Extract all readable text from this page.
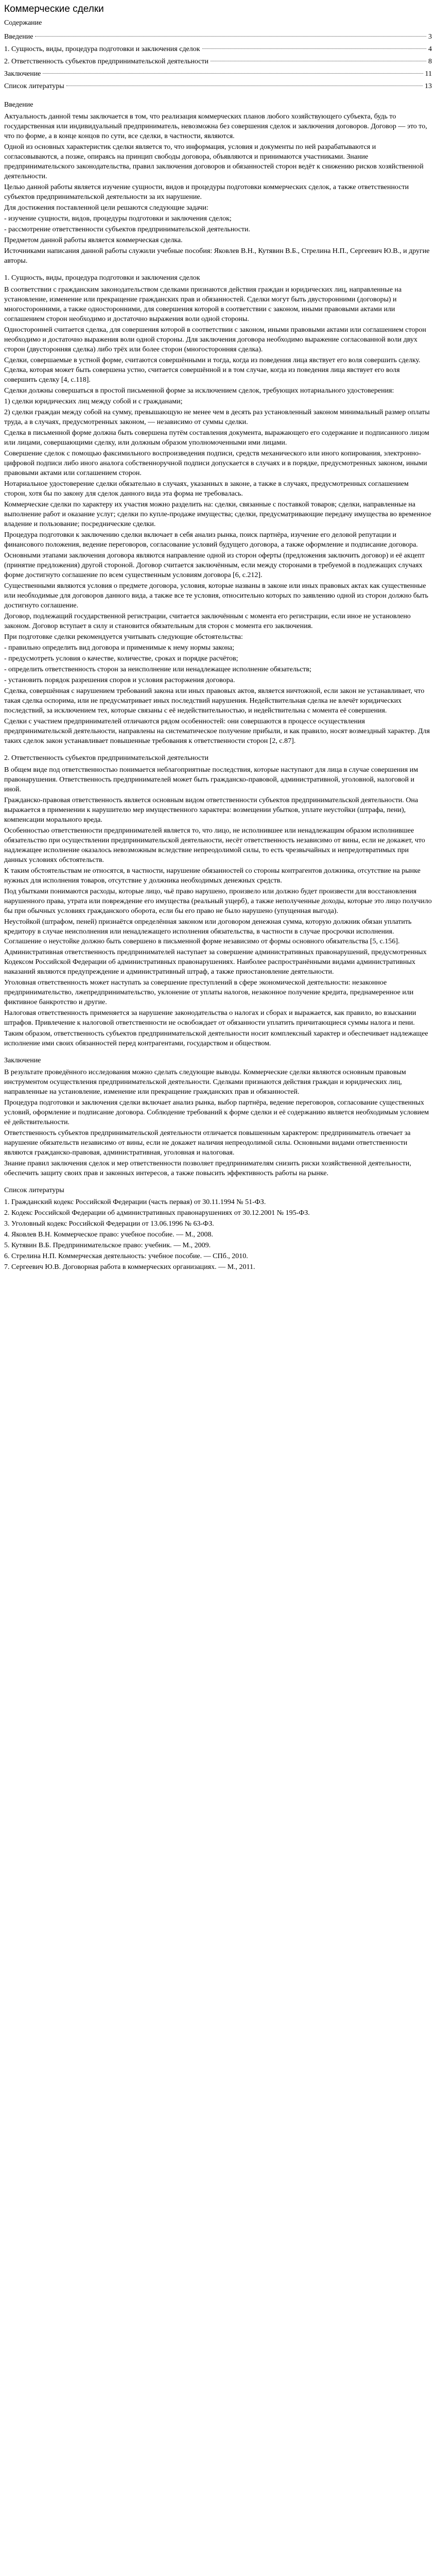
Коммерческие сделки
Содержание
Введение	3
1. Сущность, виды, процедура подготовки и заключения сделок	4
2. Ответственность субъектов предпринимательской деятельности	8
Заключение	11
Список литературы	13
Введение

Актуальность данной темы заключается в том, что реализация коммерческих планов любого хозяйствующего субъекта, будь то государственная или индивидуальный предприниматель, невозможна без совершения сделок и заключения договоров. Договор — это то, что по форме, а в конце концов по сути, все сделки, в частности, являются.

Одной из основных характеристик сделки является то, что информация, условия и документы по ней разрабатываются и согласовываются, а позже, опираясь на принцип свободы договора, объявляются и принимаются участниками. Знание предпринимательского законодательства, правил заключения договоров и обязанностей сторон ведёт к снижению рисков хозяйственной деятельности.

Целью данной работы является изучение сущности, видов и процедуры подготовки коммерческих сделок, а также ответственности субъектов предпринимательской деятельности за их нарушение.

Для достижения поставленной цели решаются следующие задачи:

- изучение сущности, видов, процедуры подготовки и заключения сделок;

- рассмотрение ответственности субъектов предпринимательской деятельности.

Предметом данной работы является коммерческая сделка.

Источниками написания данной работы служили учебные пособия: Яковлев В.Н., Кутявин В.Б., Стрелина Н.П., Сергеевич Ю.В., и другие авторы.

1. Сущность, виды, процедура подготовки и заключения сделок

В соответствии с гражданским законодательством сделками признаются действия граждан и юридических лиц, направленные на установление, изменение или прекращение гражданских прав и обязанностей. Сделки могут быть двусторонними (договоры) и многосторонними, а также односторонними, для совершения которой в соответствии с законом, иными правовыми актами или соглашением сторон необходимо и достаточно выражения воли одной стороны.

Односторонней считается сделка, для совершения которой в соответствии с законом, иными правовыми актами или соглашением сторон необходимо и достаточно выражения воли одной стороны. Для заключения договора необходимо выражение согласованной воли двух сторон (двусторонняя сделка) либо трёх или более сторон (многосторонняя сделка).

Сделки, совершаемые в устной форме, считаются совершёнными и тогда, когда из поведения лица явствует его воля совершить сделку. Сделка, которая может быть совершена устно, считается совершённой и в том случае, когда из поведения лица явствует его воля совершить сделку [4, с.118].

Сделки должны совершаться в простой письменной форме за исключением сделок, требующих нотариального удостоверения:

1) сделки юридических лиц между собой и с гражданами;

2) сделки граждан между собой на сумму, превышающую не менее чем в десять раз установленный законом минимальный размер оплаты труда, а в случаях, предусмотренных законом, — независимо от суммы сделки.

Сделка в письменной форме должна быть совершена путём составления документа, выражающего его содержание и подписанного лицом или лицами, совершающими сделку, или должным образом уполномоченными ими лицами.

Совершение сделок с помощью факсимильного воспроизведения подписи, средств механического или иного копирования, электронно-цифровой подписи либо иного аналога собственноручной подписи допускается в случаях и в порядке, предусмотренных законом, иными правовыми актами или соглашением сторон.

Нотариальное удостоверение сделки обязательно в случаях, указанных в законе, а также в случаях, предусмотренных соглашением сторон, хотя бы по закону для сделок данного вида эта форма не требовалась.

Коммерческие сделки по характеру их участия можно разделить на: сделки, связанные с поставкой товаров; сделки, направленные на выполнение работ и оказание услуг; сделки по купле-продаже имущества; сделки, предусматривающие передачу имущества во временное владение и пользование; посреднические сделки.

Процедура подготовки к заключению сделки включает в себя анализ рынка, поиск партнёра, изучение его деловой репутации и финансового положения, ведение переговоров, согласование условий будущего договора, а также оформление и подписание договора.

Основными этапами заключения договора являются направление одной из сторон оферты (предложения заключить договор) и её акцепт (принятие предложения) другой стороной. Договор считается заключённым, если между сторонами в требуемой в подлежащих случаях форме достигнуто соглашение по всем существенным условиям договора [6, с.212].

Существенными являются условия о предмете договора, условия, которые названы в законе или иных правовых актах как существенные или необходимые для договоров данного вида, а также все те условия, относительно которых по заявлению одной из сторон должно быть достигнуто соглашение.

Договор, подлежащий государственной регистрации, считается заключённым с момента его регистрации, если иное не установлено законом. Договор вступает в силу и становится обязательным для сторон с момента его заключения.

При подготовке сделки рекомендуется учитывать следующие обстоятельства:

- правильно определить вид договора и применимые к нему нормы закона;

- предусмотреть условия о качестве, количестве, сроках и порядке расчётов;

- определить ответственность сторон за неисполнение или ненадлежащее исполнение обязательств;

- установить порядок разрешения споров и условия расторжения договора.

Сделка, совершённая с нарушением требований закона или иных правовых актов, является ничтожной, если закон не устанавливает, что такая сделка оспорима, или не предусматривает иных последствий нарушения. Недействительная сделка не влечёт юридических последствий, за исключением тех, которые связаны с её недействительностью, и недействительна с момента её совершения.

Сделки с участием предпринимателей отличаются рядом особенностей: они совершаются в процессе осуществления предпринимательской деятельности, направлены на систематическое получение прибыли, и как правило, носят возмездный характер. Для таких сделок закон устанавливает повышенные требования к ответственности сторон [2, с.87].

2. Ответственность субъектов предпринимательской деятельности

В общем виде под ответственностью понимается неблагоприятные последствия, которые наступают для лица в случае совершения им правонарушения. Ответственность предпринимателей может быть гражданско-правовой, административной, уголовной, налоговой и иной.

Гражданско-правовая ответственность является основным видом ответственности субъектов предпринимательской деятельности. Она выражается в применении к нарушителю мер имущественного характера: возмещении убытков, уплате неустойки (штрафа, пени), компенсации морального вреда.

Особенностью ответственности предпринимателей является то, что лицо, не исполнившее или ненадлежащим образом исполнившее обязательство при осуществлении предпринимательской деятельности, несёт ответственность независимо от вины, если не докажет, что надлежащее исполнение оказалось невозможным вследствие непреодолимой силы, то есть чрезвычайных и непредотвратимых при данных условиях обстоятельств.

К таким обстоятельствам не относятся, в частности, нарушение обязанностей со стороны контрагентов должника, отсутствие на рынке нужных для исполнения товаров, отсутствие у должника необходимых денежных средств.

Под убытками понимаются расходы, которые лицо, чьё право нарушено, произвело или должно будет произвести для восстановления нарушенного права, утрата или повреждение его имущества (реальный ущерб), а также неполученные доходы, которые это лицо получило бы при обычных условиях гражданского оборота, если бы его право не было нарушено (упущенная выгода).

Неустойкой (штрафом, пеней) признаётся определённая законом или договором денежная сумма, которую должник обязан уплатить кредитору в случае неисполнения или ненадлежащего исполнения обязательства, в частности в случае просрочки исполнения. Соглашение о неустойке должно быть совершено в письменной форме независимо от формы основного обязательства [5, с.156].

Административная ответственность предпринимателей наступает за совершение административных правонарушений, предусмотренных Кодексом Российской Федерации об административных правонарушениях. Наиболее распространёнными видами административных наказаний являются предупреждение и административный штраф, а также приостановление деятельности.

Уголовная ответственность может наступать за совершение преступлений в сфере экономической деятельности: незаконное предпринимательство, лжепредпринимательство, уклонение от уплаты налогов, незаконное получение кредита, преднамеренное или фиктивное банкротство и другие.

Налоговая ответственность применяется за нарушение законодательства о налогах и сборах и выражается, как правило, во взыскании штрафов. Привлечение к налоговой ответственности не освобождает от обязанности уплатить причитающиеся суммы налога и пени.

Таким образом, ответственность субъектов предпринимательской деятельности носит комплексный характер и обеспечивает надлежащее исполнение ими своих обязанностей перед контрагентами, государством и обществом.

Заключение

В результате проведённого исследования можно сделать следующие выводы. Коммерческие сделки являются основным правовым инструментом осуществления предпринимательской деятельности. Сделками признаются действия граждан и юридических лиц, направленные на установление, изменение или прекращение гражданских прав и обязанностей.

Процедура подготовки и заключения сделки включает анализ рынка, выбор партнёра, ведение переговоров, согласование существенных условий, оформление и подписание договора. Соблюдение требований к форме сделки и её содержанию является необходимым условием её действительности.

Ответственность субъектов предпринимательской деятельности отличается повышенным характером: предприниматель отвечает за нарушение обязательств независимо от вины, если не докажет наличия непреодолимой силы. Основными видами ответственности являются гражданско-правовая, административная, уголовная и налоговая.

Знание правил заключения сделок и мер ответственности позволяет предпринимателям снизить риски хозяйственной деятельности, обеспечить защиту своих прав и законных интересов, а также повысить эффективность работы на рынке.

Список литературы

1. Гражданский кодекс Российской Федерации (часть первая) от 30.11.1994 № 51-ФЗ.

2. Кодекс Российской Федерации об административных правонарушениях от 30.12.2001 № 195-ФЗ.

3. Уголовный кодекс Российской Федерации от 13.06.1996 № 63-ФЗ.

4. Яковлев В.Н. Коммерческое право: учебное пособие. — М., 2008.

5. Кутявин В.Б. Предпринимательское право: учебник. — М., 2009.

6. Стрелина Н.П. Коммерческая деятельность: учебное пособие. — СПб., 2010.

7. Сергеевич Ю.В. Договорная работа в коммерческих организациях. — М., 2011.
